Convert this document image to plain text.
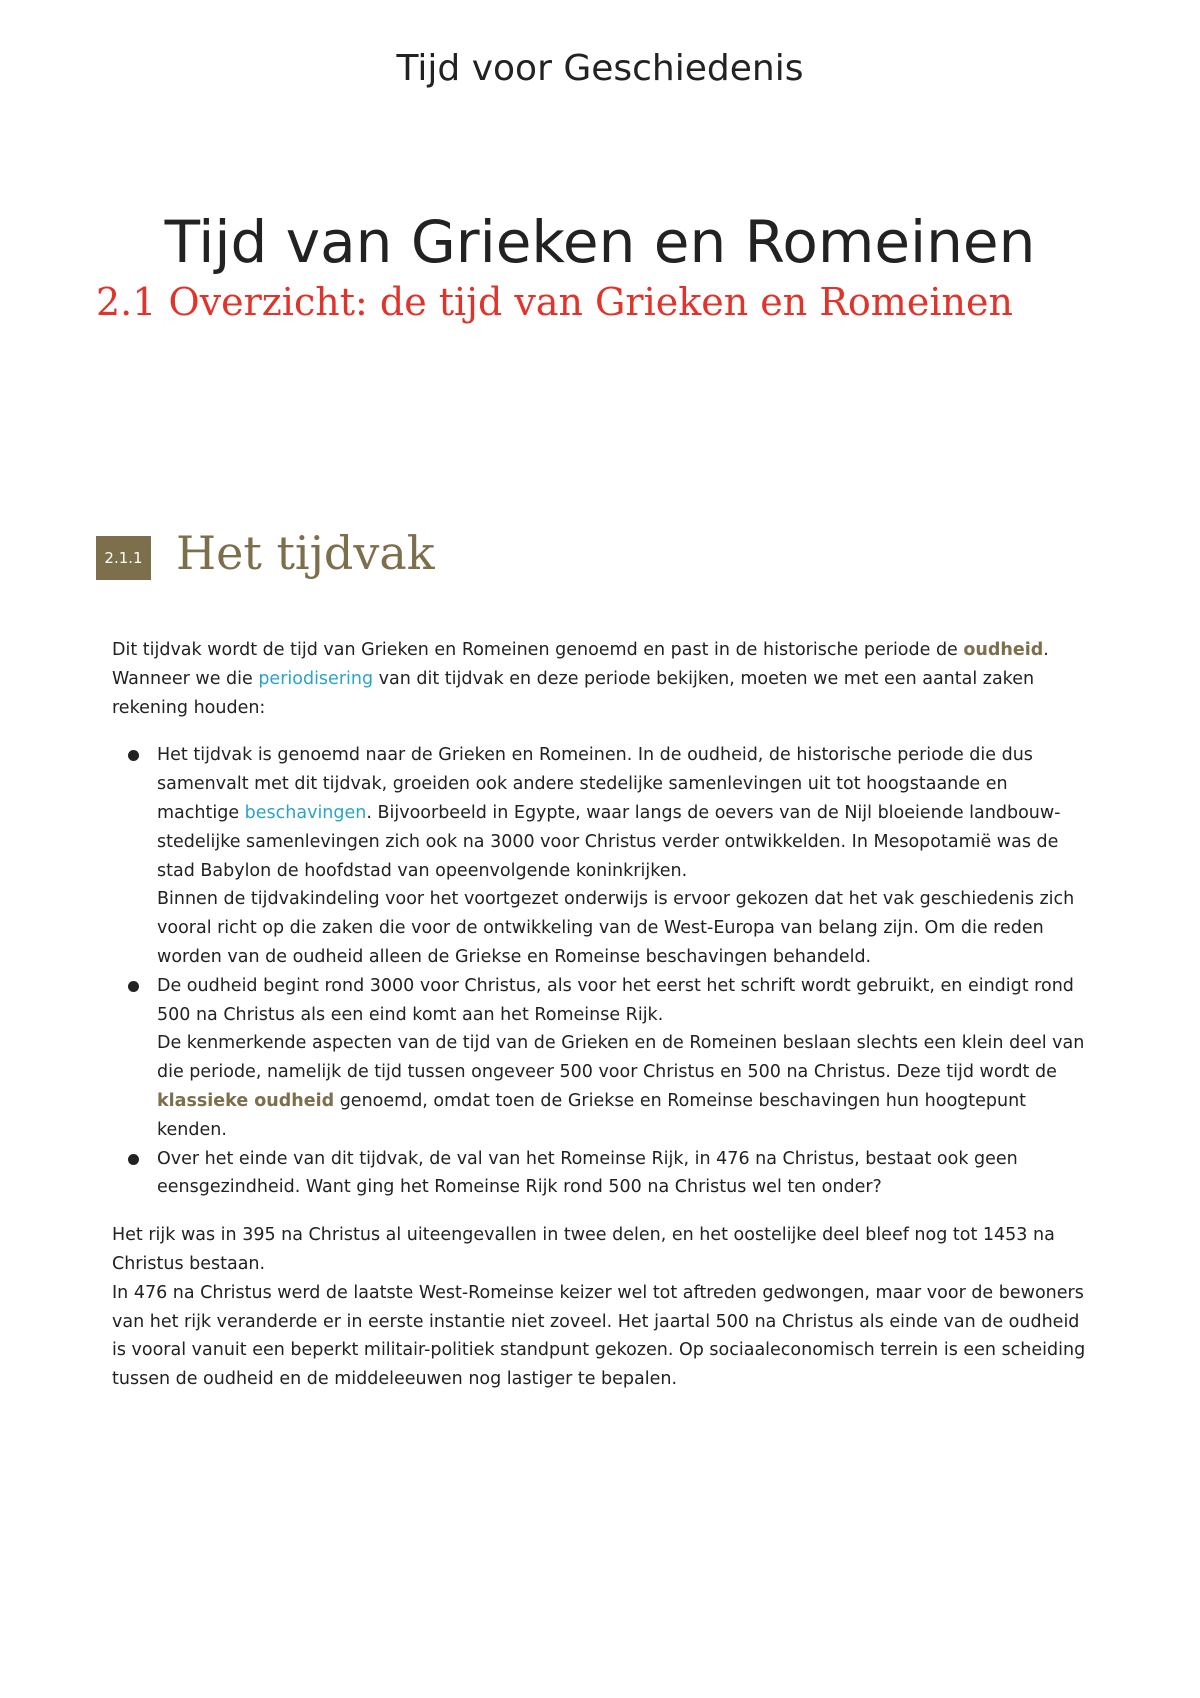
Tijd voor Geschiedenis
Tijd van Grieken en Romeinen
2.1 Overzicht: de tijd van Grieken en Romeinen
2.1.1 Het tijdvak

Dit tijdvak wordt de tijd van Grieken en Romeinen genoemd en past in de historische periode de oudheid. Wanneer we die periodisering van dit tijdvak en deze periode bekijken, moeten we met een aantal zaken rekening houden:

Het tijdvak is genoemd naar de Grieken en Romeinen. In de oudheid, de historische periode die dus samenvalt met dit tijdvak, groeiden ook andere stedelijke samenlevingen uit tot hoogstaande en machtige beschavingen. Bijvoorbeeld in Egypte, waar langs de oevers van de Nijl bloeiende landbouw-stedelijke samenlevingen zich ook na 3000 voor Christus verder ontwikkelden. In Mesopotamië was de stad Babylon de hoofdstad van opeenvolgende koninkrijken.
Binnen de tijdvakindeling voor het voortgezet onderwijs is ervoor gekozen dat het vak geschiedenis zich vooral richt op die zaken die voor de ontwikkeling van de West-Europa van belang zijn. Om die reden worden van de oudheid alleen de Griekse en Romeinse beschavingen behandeld.
De oudheid begint rond 3000 voor Christus, als voor het eerst het schrift wordt gebruikt, en eindigt rond 500 na Christus als een eind komt aan het Romeinse Rijk.
De kenmerkende aspecten van de tijd van de Grieken en de Romeinen beslaan slechts een klein deel van die periode, namelijk de tijd tussen ongeveer 500 voor Christus en 500 na Christus. Deze tijd wordt de klassieke oudheid genoemd, omdat toen de Griekse en Romeinse beschavingen hun hoogtepunt kenden.
Over het einde van dit tijdvak, de val van het Romeinse Rijk, in 476 na Christus, bestaat ook geen eensgezindheid. Want ging het Romeinse Rijk rond 500 na Christus wel ten onder?

Het rijk was in 395 na Christus al uiteengevallen in twee delen, en het oostelijke deel bleef nog tot 1453 na Christus bestaan.

In 476 na Christus werd de laatste West-Romeinse keizer wel tot aftreden gedwongen, maar voor de bewoners van het rijk veranderde er in eerste instantie niet zoveel. Het jaartal 500 na Christus als einde van de oudheid is vooral vanuit een beperkt militair-politiek standpunt gekozen. Op sociaaleconomisch terrein is een scheiding tussen de oudheid en de middeleeuwen nog lastiger te bepalen.
